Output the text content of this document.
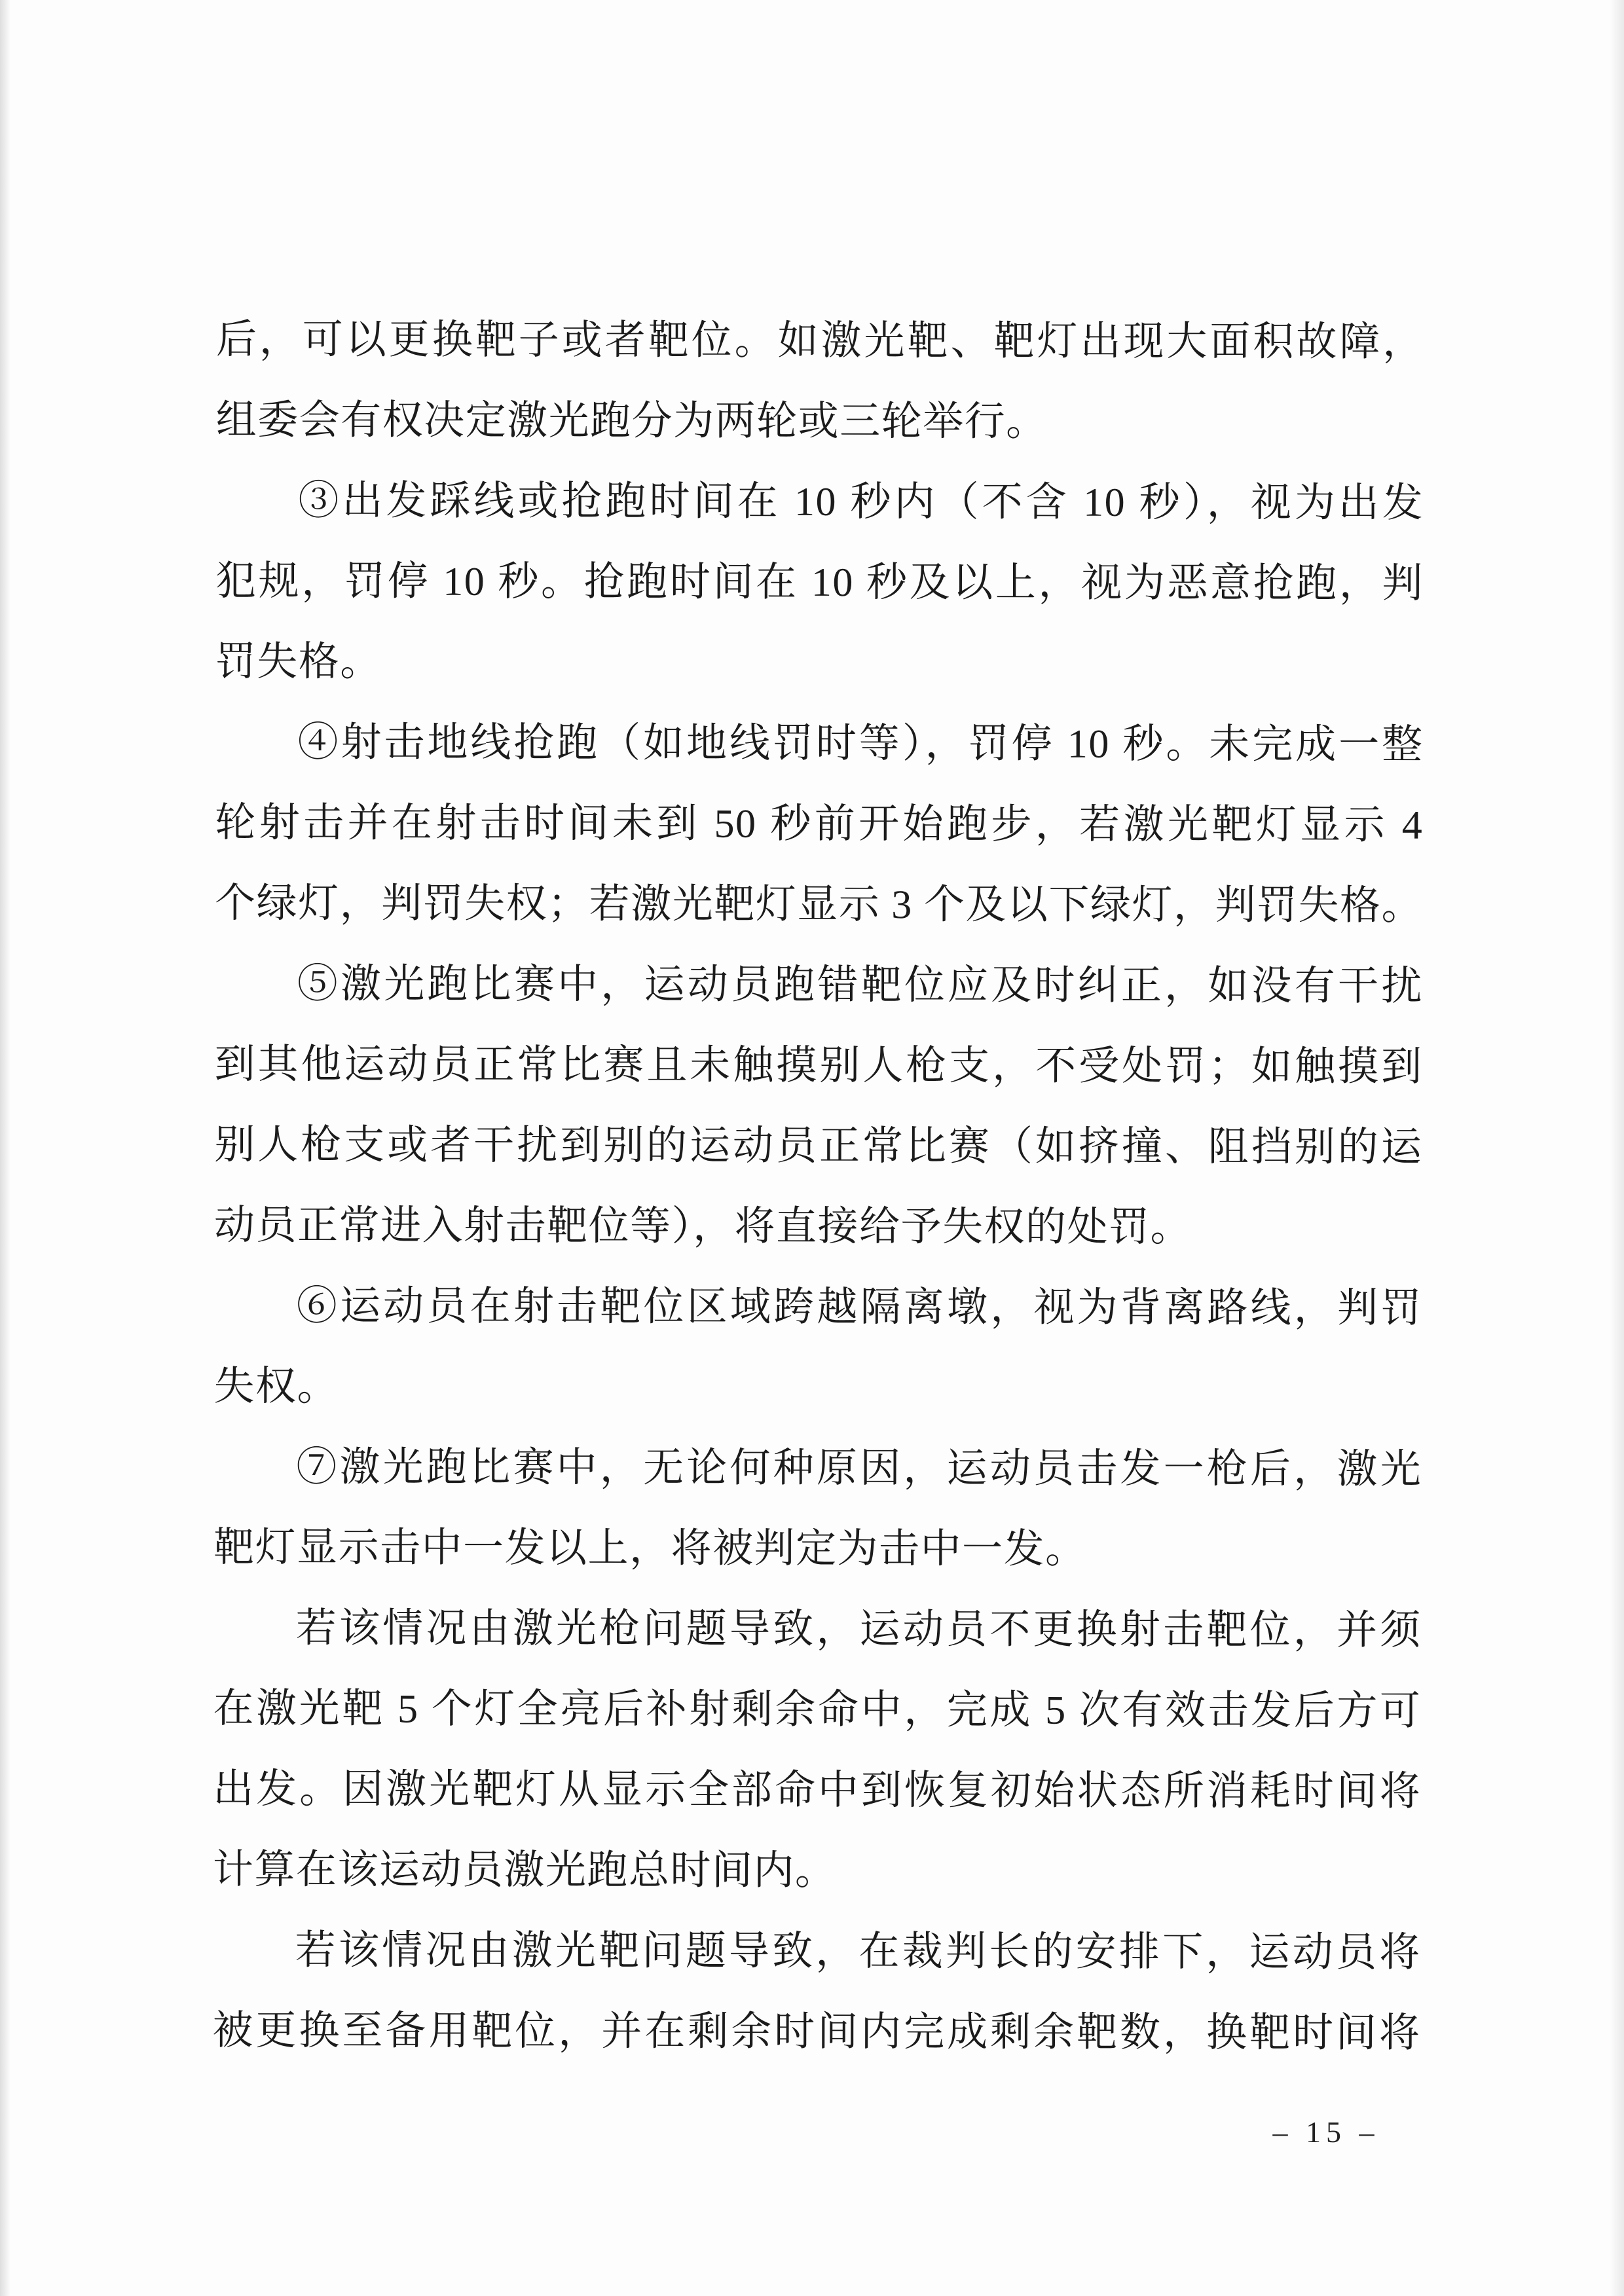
后，可以更换靶子或者靶位。如激光靶、靶灯出现大面积故障，
组委会有权决定激光跑分为两轮或三轮举行。
③出发踩线或抢跑时间在 10 秒内（不含 10 秒），视为出发
犯规，罚停 10 秒。抢跑时间在 10 秒及以上，视为恶意抢跑，判
罚失格。
④射击地线抢跑（如地线罚时等），罚停 10 秒。未完成一整
轮射击并在射击时间未到 50 秒前开始跑步，若激光靶灯显示 4
个绿灯，判罚失权；若激光靶灯显示 3 个及以下绿灯，判罚失格。
⑤激光跑比赛中，运动员跑错靶位应及时纠正，如没有干扰
到其他运动员正常比赛且未触摸别人枪支，不受处罚；如触摸到
别人枪支或者干扰到别的运动员正常比赛（如挤撞、阻挡别的运
动员正常进入射击靶位等），将直接给予失权的处罚。
⑥运动员在射击靶位区域跨越隔离墩，视为背离路线，判罚
失权。
⑦激光跑比赛中，无论何种原因，运动员击发一枪后，激光
靶灯显示击中一发以上，将被判定为击中一发。
若该情况由激光枪问题导致，运动员不更换射击靶位，并须
在激光靶 5 个灯全亮后补射剩余命中，完成 5 次有效击发后方可
出发。因激光靶灯从显示全部命中到恢复初始状态所消耗时间将
计算在该运动员激光跑总时间内。
若该情况由激光靶问题导致，在裁判长的安排下，运动员将
被更换至备用靶位，并在剩余时间内完成剩余靶数，换靶时间将
– 15 –
